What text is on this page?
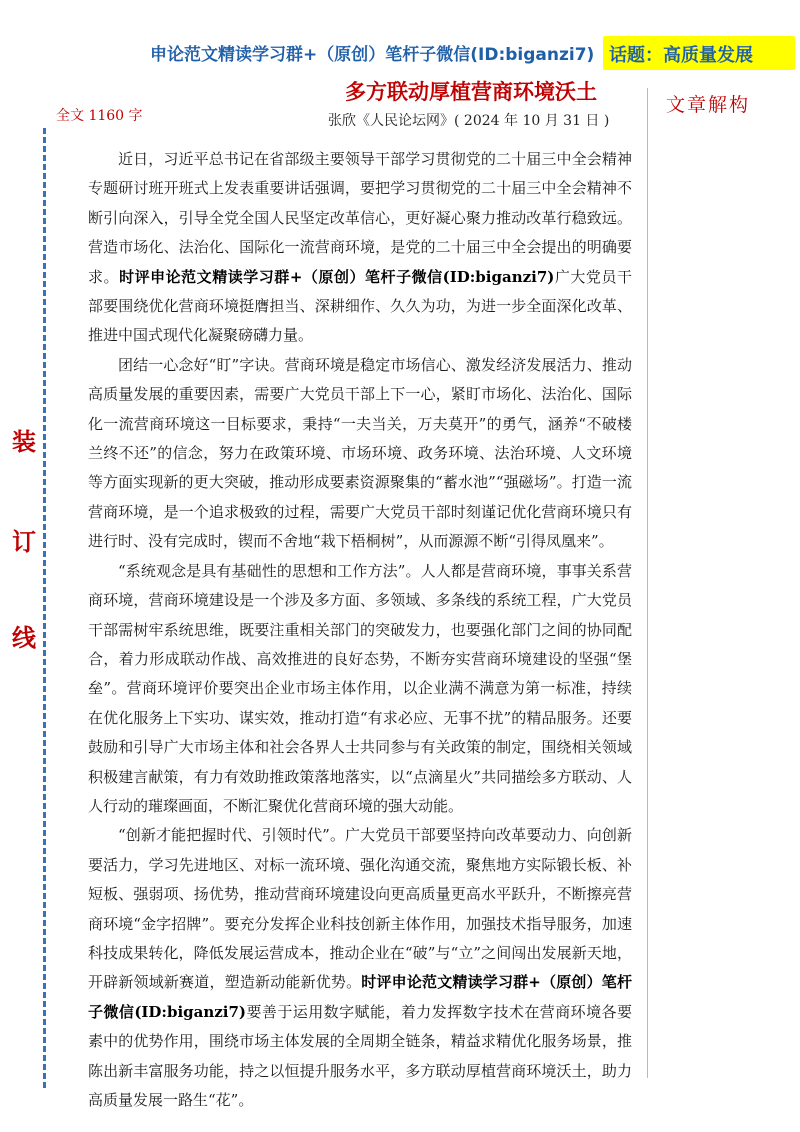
申论范文精读学习群+（原创）笔杆子微信(ID:biganzi7) 话题：高质量发展
多方联动厚植营商环境沃土
张欣《人民论坛网》( 2024 年 10 月 31 日 )
全文 1160 字	文章解构
装
订
线

近日，习近平总书记在省部级主要领导干部学习贯彻党的二十届三中全会精神专题研讨班开班式上发表重要讲话强调，要把学习贯彻党的二十届三中全会精神不断引向深入，引导全党全国人民坚定改革信心，更好凝心聚力推动改革行稳致远。营造市场化、法治化、国际化一流营商环境，是党的二十届三中全会提出的明确要求。时评申论范文精读学习群+（原创）笔杆子微信(ID:biganzi7)广大党员干部要围绕优化营商环境挺膺担当、深耕细作、久久为功，为进一步全面深化改革、推进中国式现代化凝聚磅礴力量。

团结一心念好“盯”字诀。营商环境是稳定市场信心、激发经济发展活力、推动高质量发展的重要因素，需要广大党员干部上下一心，紧盯市场化、法治化、国际化一流营商环境这一目标要求，秉持“一夫当关，万夫莫开”的勇气，涵养“不破楼兰终不还”的信念，努力在政策环境、市场环境、政务环境、法治环境、人文环境等方面实现新的更大突破，推动形成要素资源聚集的“蓄水池”“强磁场”。打造一流营商环境，是一个追求极致的过程，需要广大党员干部时刻谨记优化营商环境只有进行时、没有完成时，锲而不舍地“栽下梧桐树”，从而源源不断“引得凤凰来”。

“系统观念是具有基础性的思想和工作方法”。人人都是营商环境，事事关系营商环境，营商环境建设是一个涉及多方面、多领域、多条线的系统工程，广大党员干部需树牢系统思维，既要注重相关部门的突破发力，也要强化部门之间的协同配合，着力形成联动作战、高效推进的良好态势，不断夯实营商环境建设的坚强“堡垒”。营商环境评价要突出企业市场主体作用，以企业满不满意为第一标准，持续在优化服务上下实功、谋实效，推动打造“有求必应、无事不扰”的精品服务。还要鼓励和引导广大市场主体和社会各界人士共同参与有关政策的制定，围绕相关领域积极建言献策，有力有效助推政策落地落实，以“点滴星火”共同描绘多方联动、人人行动的璀璨画面，不断汇聚优化营商环境的强大动能。

“创新才能把握时代、引领时代”。广大党员干部要坚持向改革要动力、向创新要活力，学习先进地区、对标一流环境、强化沟通交流，聚焦地方实际锻长板、补短板、强弱项、扬优势，推动营商环境建设向更高质量更高水平跃升，不断擦亮营商环境“金字招牌”。要充分发挥企业科技创新主体作用，加强技术指导服务，加速科技成果转化，降低发展运营成本，推动企业在“破”与“立”之间闯出发展新天地，开辟新领域新赛道，塑造新动能新优势。时评申论范文精读学习群+（原创）笔杆子微信(ID:biganzi7)要善于运用数字赋能，着力发挥数字技术在营商环境各要素中的优势作用，围绕市场主体发展的全周期全链条，精益求精优化服务场景，推陈出新丰富服务功能，持之以恒提升服务水平，多方联动厚植营商环境沃土，助力高质量发展一路生“花”。
